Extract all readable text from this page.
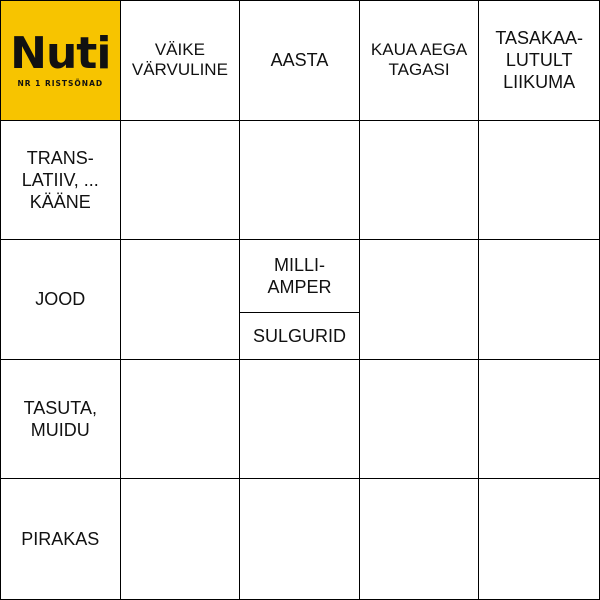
Nuti
NR 1 RISTSÕNAD
VÄIKE
VÄRVULINE	AASTA
KAUA AEGA
TAGASI
TASAKAA-
LUTULT
LIIKUMA
TRANS-
LATIIV, ...
KÄÄNE
JOOD
MILLI-
AMPER
SULGURID
TASUTA,
MUIDU
PIRAKAS
